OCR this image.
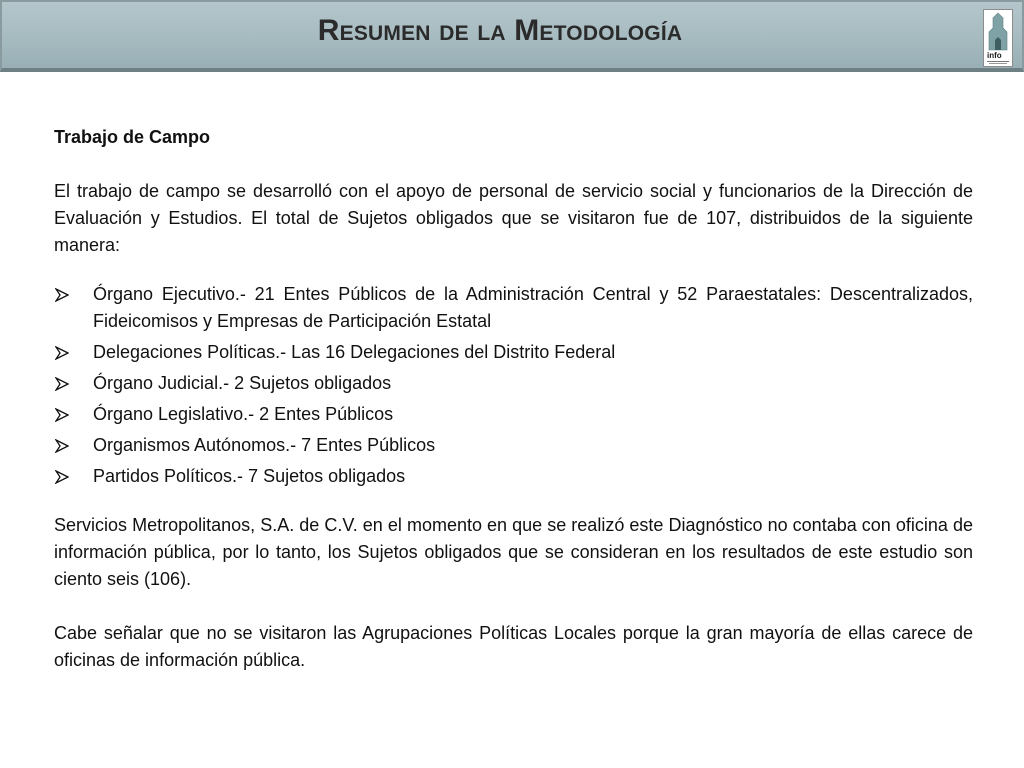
Resumen de la Metodología
info

Trabajo de Campo

El trabajo de campo se desarrolló con el apoyo de personal de servicio social y funcionarios de la Dirección de Evaluación y Estudios. El total de Sujetos obligados que se visitaron fue de 107, distribuidos de la siguiente manera:

Órgano Ejecutivo.- 21 Entes Públicos de la Administración Central y 52 Paraestatales: Descentralizados, Fideicomisos y Empresas de Participación Estatal
Delegaciones Políticas.- Las 16 Delegaciones del Distrito Federal
Órgano Judicial.- 2 Sujetos obligados
Órgano Legislativo.- 2 Entes Públicos
Organismos Autónomos.- 7 Entes Públicos
Partidos Políticos.- 7 Sujetos obligados

Servicios Metropolitanos, S.A. de C.V. en el momento en que se realizó este Diagnóstico no contaba con oficina de información pública, por lo tanto, los Sujetos obligados que se consideran en los resultados de este estudio son ciento seis (106).

Cabe señalar que no se visitaron las Agrupaciones Políticas Locales porque la gran mayoría de ellas carece de oficinas de información pública.
